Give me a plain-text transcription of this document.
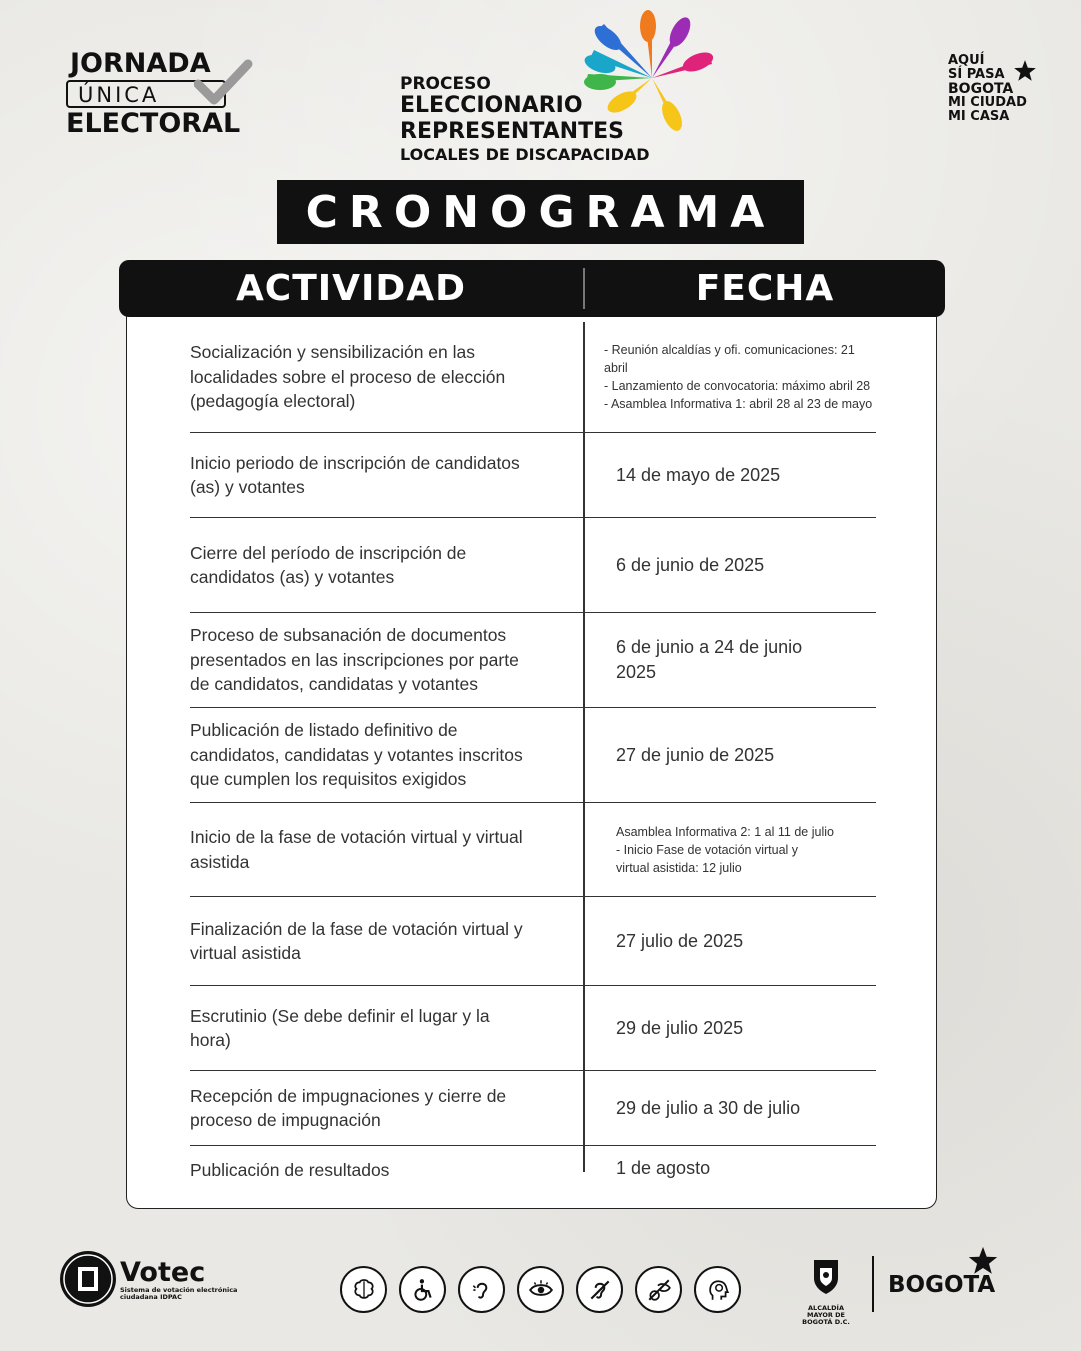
JORNADA
ÚNICA
ELECTORAL
PROCESO
ELECCIONARIO
REPRESENTANTES
LOCALES DE DISCAPACIDAD
AQUÍ
SÍ PASA
BOGOTA
MI CIUDAD
MI CASA
CRONOGRAMA
ACTIVIDAD	FECHA
Socialización y sensibilización en las localidades sobre el proceso de elección (pedagogía electoral)
- Reunión alcaldías y ofi. comunicaciones: 21 abril
- Lanzamiento de convocatoria: máximo abril 28
- Asamblea Informativa 1: abril 28 al 23 de mayo
Inicio periodo de inscripción de candidatos (as) y votantes
14 de mayo de 2025
Cierre del período de inscripción de candidatos (as) y votantes
6 de junio de 2025
Proceso de subsanación de documentos presentados en las inscripciones por parte de candidatos, candidatas y votantes
6 de junio a 24 de junio
2025
Publicación de listado definitivo de candidatos, candidatas y votantes inscritos que cumplen los requisitos exigidos
27 de junio de 2025
Inicio de la fase de votación virtual y virtual asistida
Asamblea Informativa 2: 1 al 11 de julio
- Inicio Fase de votación virtual y
virtual asistida: 12 julio
Finalización de la fase de votación virtual y virtual asistida
27 julio de 2025
Escrutinio (Se debe definir el lugar y la hora)
29 de julio 2025
Recepción de impugnaciones y cierre de proceso de impugnación
29 de julio a 30 de julio
Publicación de resultados	1 de agosto
Votec
Sistema de votación electrónica ciudadana IDPAC
ALCALDÍA MAYOR DE BOGOTÁ D.C.
BOGOTA
